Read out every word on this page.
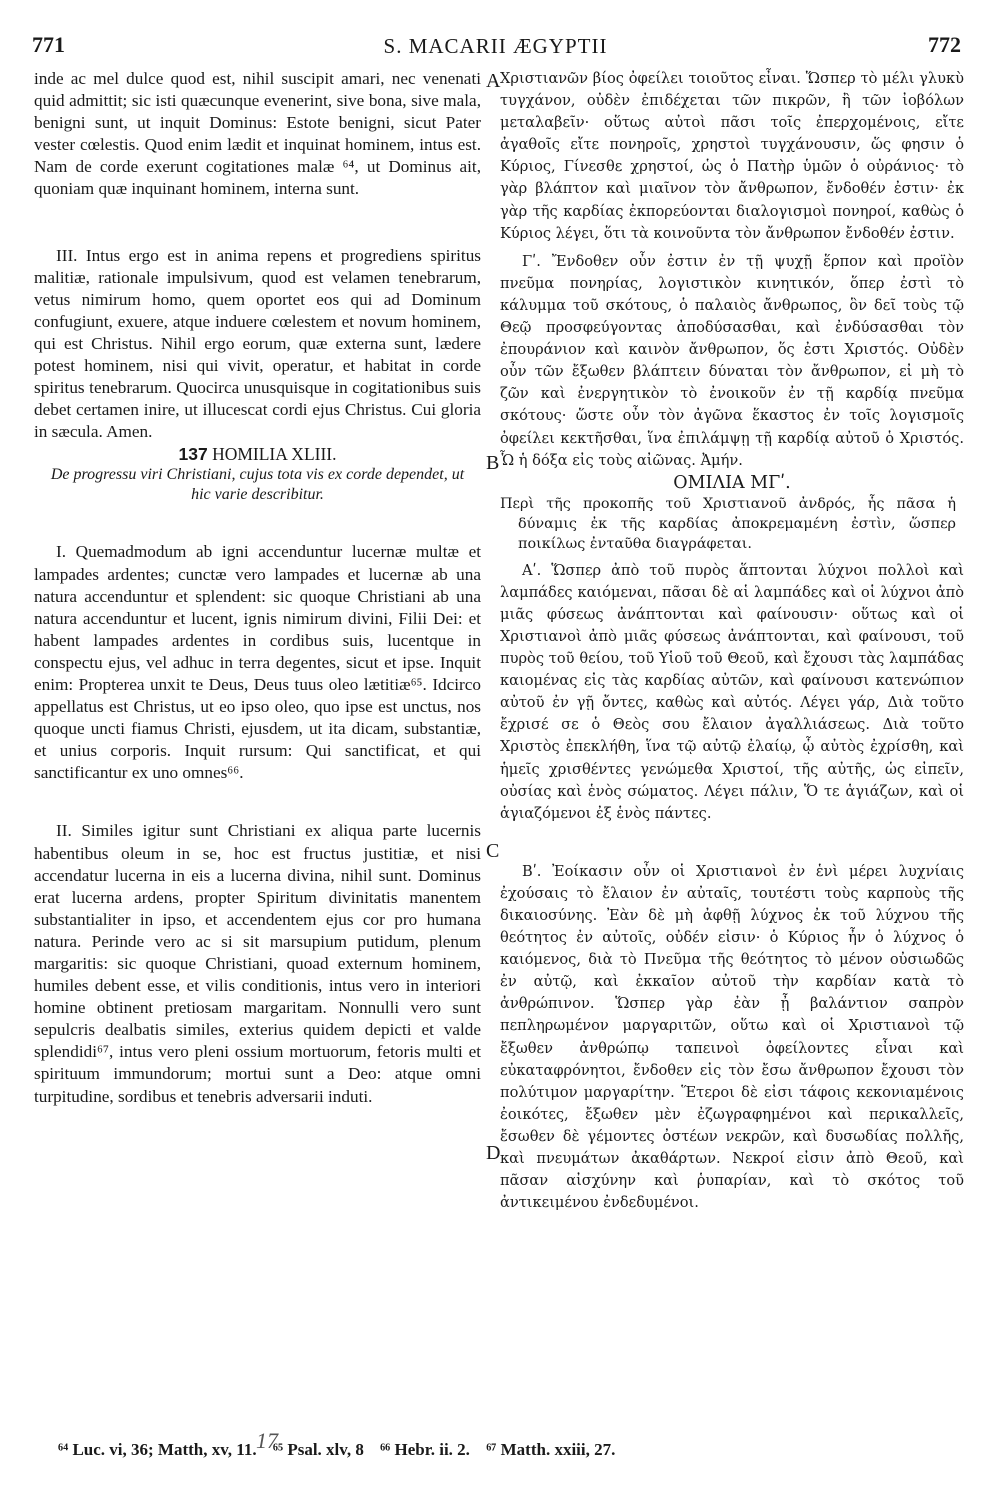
771	S. MACARII ÆGYPTII	772

inde ac mel dulce quod est, nihil suscipit amari, nec venenati quid admittit; sic isti quæcunque evenerint, sive bona, sive mala, benigni sunt, ut inquit Dominus: Estote benigni, sicut Pater vester cœlestis. Quod enim lædit et inquinat hominem, intus est. Nam de corde exerunt cogitationes malæ ⁶⁴, ut Dominus ait, quoniam quæ inquinant hominem, interna sunt.

III. Intus ergo est in anima repens et progrediens spiritus malitiæ, rationale impulsivum, quod est velamen tenebrarum, vetus nimirum homo, quem oportet eos qui ad Dominum confugiunt, exuere, atque induere cœlestem et novum hominem, qui est Christus. Nihil ergo eorum, quæ externa sunt, lædere potest hominem, nisi qui vivit, operatur, et habitat in corde spiritus tenebrarum. Quocirca unusquisque in cogitationibus suis debet certamen inire, ut illucescat cordi ejus Christus. Cui gloria in sæcula. Amen.

137 HOMILIA XLIII.

De progressu viri Christiani, cujus tota vis ex corde dependet, ut hic varie describitur.

I. Quemadmodum ab igni accenduntur lucernæ multæ et lampades ardentes; cunctæ vero lampades et lucernæ ab una natura accenduntur et splendent: sic quoque Christiani ab una natura accenduntur et lucent, ignis nimirum divini, Filii Dei: et habent lampades ardentes in cordibus suis, lucentque in conspectu ejus, vel adhuc in terra degentes, sicut et ipse. Inquit enim: Propterea unxit te Deus, Deus tuus oleo lætitiæ⁶⁵. Idcirco appellatus est Christus, ut eo ipso oleo, quo ipse est unctus, nos quoque uncti fiamus Christi, ejusdem, ut ita dicam, substantiæ, et unius corporis. Inquit rursum: Qui sanctificat, et qui sanctificantur ex uno omnes⁶⁶.

II. Similes igitur sunt Christiani ex aliqua parte lucernis habentibus oleum in se, hoc est fructus justitiæ, et nisi accendatur lucerna in eis a lucerna divina, nihil sunt. Dominus erat lucerna ardens, propter Spiritum divinitatis manentem substantialiter in ipso, et accendentem ejus cor pro humana natura. Perinde vero ac si sit marsupium putidum, plenum margaritis: sic quoque Christiani, quoad externum hominem, humiles debent esse, et vilis conditionis, intus vero in interiori homine obtinent pretiosam margaritam. Nonnulli vero sunt sepulcris dealbatis similes, exterius quidem depicti et valde splendidi⁶⁷, intus vero pleni ossium mortuorum, fetoris multi et spirituum immundorum; mortui sunt a Deo: atque omni turpitudine, sordibus et tenebris adversarii induti.

Χριστιανῶν βίος ὀφείλει τοιοῦτος εἶναι. Ὥσπερ τὸ μέλι γλυκὺ τυγχάνον, οὐδὲν ἐπιδέχεται τῶν πικρῶν, ἢ τῶν ἰοβόλων μεταλαβεῖν· οὕτως αὐτοὶ πᾶσι τοῖς ἐπερχομένοις, εἴτε ἀγαθοῖς εἴτε πονηροῖς, χρηστοὶ τυγχάνουσιν, ὥς φησιν ὁ Κύριος, Γίνεσθε χρηστοί, ὡς ὁ Πατὴρ ὑμῶν ὁ οὐράνιος· τὸ γὰρ βλάπτον καὶ μιαῖνον τὸν ἄνθρωπον, ἔνδοθέν ἐστιν· ἐκ γὰρ τῆς καρδίας ἐκπορεύονται διαλογισμοὶ πονηροί, καθὼς ὁ Κύριος λέγει, ὅτι τὰ κοινοῦντα τὸν ἄνθρωπον ἔνδοθέν ἐστιν.

Γʹ. Ἔνδοθεν οὖν ἐστιν ἐν τῇ ψυχῇ ἕρπον καὶ προϊὸν πνεῦμα πονηρίας, λογιστικὸν κινητικόν, ὅπερ ἐστὶ τὸ κάλυμμα τοῦ σκότους, ὁ παλαιὸς ἄνθρωπος, ὃν δεῖ τοὺς τῷ Θεῷ προσφεύγοντας ἀποδύσασθαι, καὶ ἐνδύσασθαι τὸν ἐπουράνιον καὶ καινὸν ἄνθρωπον, ὅς ἐστι Χριστός. Οὐδὲν οὖν τῶν ἔξωθεν βλάπτειν δύναται τὸν ἄνθρωπον, εἰ μὴ τὸ ζῶν καὶ ἐνεργητικὸν τὸ ἐνοικοῦν ἐν τῇ καρδίᾳ πνεῦμα σκότους· ὥστε οὖν τὸν ἀγῶνα ἕκαστος ἐν τοῖς λογισμοῖς ὀφείλει κεκτῆσθαι, ἵνα ἐπιλάμψῃ τῇ καρδίᾳ αὐτοῦ ὁ Χριστός. Ὧ ἡ δόξα εἰς τοὺς αἰῶνας. Ἀμήν.

ΟΜΙΛΙΑ ΜΓʹ.

Περὶ τῆς προκοπῆς τοῦ Χριστιανοῦ ἀνδρός, ἧς πᾶσα ἡ δύναμις ἐκ τῆς καρδίας ἀποκρεμαμένη ἐστὶν, ὥσπερ ποικίλως ἐνταῦθα διαγράφεται.

Αʹ. Ὥσπερ ἀπὸ τοῦ πυρὸς ἅπτονται λύχνοι πολλοὶ καὶ λαμπάδες καιόμεναι, πᾶσαι δὲ αἱ λαμπάδες καὶ οἱ λύχνοι ἀπὸ μιᾶς φύσεως ἀνάπτονται καὶ φαίνουσιν· οὕτως καὶ οἱ Χριστιανοὶ ἀπὸ μιᾶς φύσεως ἀνάπτονται, καὶ φαίνουσι, τοῦ πυρὸς τοῦ θείου, τοῦ Υἱοῦ τοῦ Θεοῦ, καὶ ἔχουσι τὰς λαμπάδας καιομένας εἰς τὰς καρδίας αὐτῶν, καὶ φαίνουσι κατενώπιον αὐτοῦ ἐν γῇ ὄντες, καθὼς καὶ αὐτός. Λέγει γάρ, Διὰ τοῦτο ἔχρισέ σε ὁ Θεὸς σου ἔλαιον ἀγαλλιάσεως. Διὰ τοῦτο Χριστὸς ἐπεκλήθη, ἵνα τῷ αὐτῷ ἐλαίῳ, ᾧ αὐτὸς ἐχρίσθη, καὶ ἡμεῖς χρισθέντες γενώμεθα Χριστοί, τῆς αὐτῆς, ὡς εἰπεῖν, οὐσίας καὶ ἑνὸς σώματος. Λέγει πάλιν, Ὅ τε ἁγιάζων, καὶ οἱ ἁγιαζόμενοι ἐξ ἑνὸς πάντες.

Βʹ. Ἐοίκασιν οὖν οἱ Χριστιανοὶ ἐν ἑνὶ μέρει λυχνίαις ἐχούσαις τὸ ἔλαιον ἐν αὐταῖς, τουτέστι τοὺς καρποὺς τῆς δικαιοσύνης. Ἐὰν δὲ μὴ ἀφθῇ λύχνος ἐκ τοῦ λύχνου τῆς θεότητος ἐν αὐτοῖς, οὐδέν εἰσιν· ὁ Κύριος ἦν ὁ λύχνος ὁ καιόμενος, διὰ τὸ Πνεῦμα τῆς θεότητος τὸ μένον οὐσιωδῶς ἐν αὐτῷ, καὶ ἐκκαῖον αὐτοῦ τὴν καρδίαν κατὰ τὸ ἀνθρώπινον. Ὥσπερ γὰρ ἐὰν ᾖ βαλάντιον σαπρὸν πεπληρωμένον μαργαριτῶν, οὕτω καὶ οἱ Χριστιανοὶ τῷ ἔξωθεν ἀνθρώπῳ ταπεινοὶ ὀφείλοντες εἶναι καὶ εὐκαταφρόνητοι, ἔνδοθεν εἰς τὸν ἔσω ἄνθρωπον ἔχουσι τὸν πολύτιμον μαργαρίτην. Ἕτεροι δὲ εἰσι τάφοις κεκονιαμένοις ἐοικότες, ἔξωθεν μὲν ἐζωγραφημένοι καὶ περικαλλεῖς, ἔσωθεν δὲ γέμοντες ὀστέων νεκρῶν, καὶ δυσωδίας πολλῆς, καὶ πνευμάτων ἀκαθάρτων. Νεκροί εἰσιν ἀπὸ Θεοῦ, καὶ πᾶσαν αἰσχύνην καὶ ῥυπαρίαν, καὶ τὸ σκότος τοῦ ἀντικειμένου ἐνδεδυμένοι.

A
B
C
D
17
⁶⁴ Luc. vi, 36; Matth, xv, 11. ⁶⁵ Psal. xlv, 8 ⁶⁶ Hebr. ii. 2. ⁶⁷ Matth. xxiii, 27.
